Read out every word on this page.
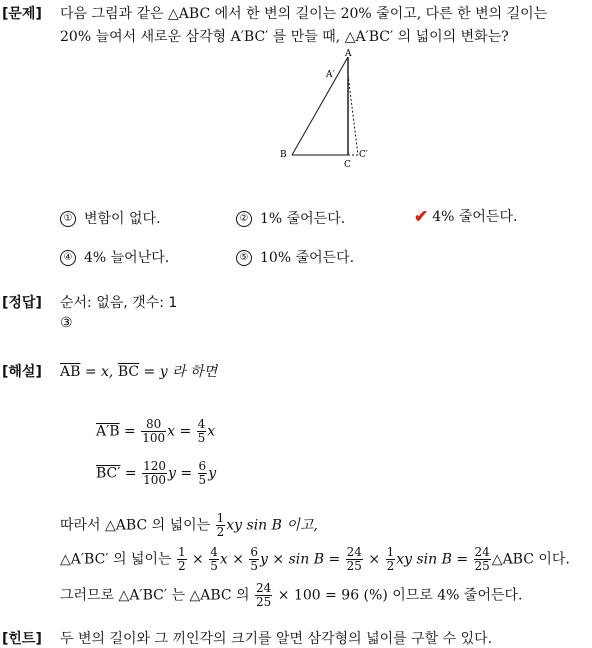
[문제] 다음 그림과 같은 △ABC 에서 한 변의 길이는 20% 줄이고, 다른 한 변의 길이는
20% 늘여서 새로운 삼각형 A′BC′ 를 만들 때, △A′BC′ 의 넓이의 변화는?
A
A′
B
C
C′
① 변함이 없다.	② 1% 줄어든다.	✔ 4% 줄어든다.
④ 4% 늘어난다.	⑤ 10% 줄어든다.
[정답] 순서: 없음, 갯수: 1
③
[해설] $\overline{AB} = x$, $\overline{BC} = y$ 라 하면
$A'B = \frac{80}{100}$ $x = \frac{4}{5}$ x
$BC' = \frac{120}{100}$ $y = \frac{6}{5}$ y
따라서 △ABC 의 넓이는 $\frac{1}{2}$ xy sin B 이고,
△A′BC′ 의 넓이는 $\frac{1}{2} \times \frac{4}{5}$ $x \times \frac{6}{5}$ $y \times \sin B = \frac{24}{25} \times \frac{1}{2}$ xy $\sin B = \frac{24}{25}$ △ABC 이다.
그러므로 △A′BC′ 는 △ABC 의 $\frac{24}{25} \times 100 = 96$ (%) 이므로 4% 줄어든다.
[힌트] 두 변의 길이와 그 끼인각의 크기를 알면 삼각형의 넓이를 구할 수 있다.
